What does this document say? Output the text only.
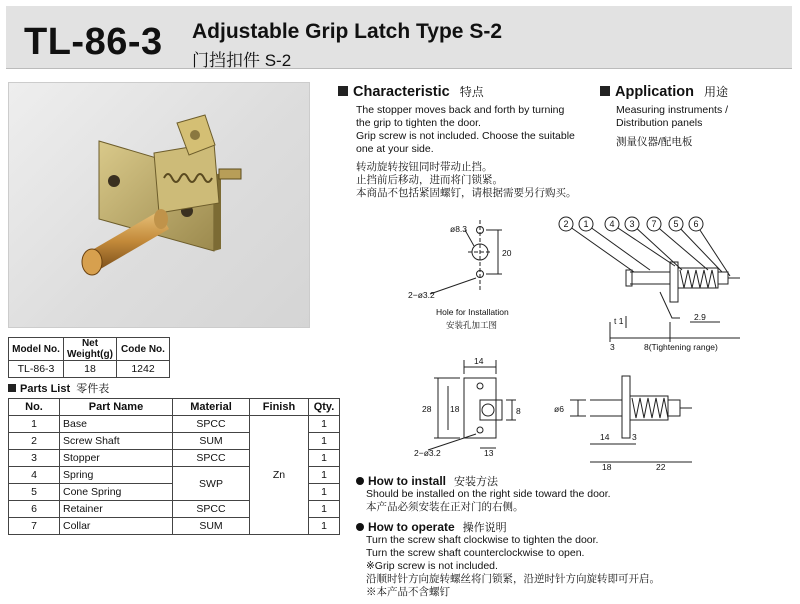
TL-86-3 Adjustable Grip Latch Type S-2
门挡扣件 S-2
Model No.	Net Weight(g)	Code No.
TL-86-3	18	1242
Parts List 零件表
No.	Part Name	Material	Finish	Qty.
1	Base	SPCC	Zn	1
2	Screw Shaft	SUM		1
3	Stopper	SPCC		1
4	Spring	SWP		1
5	Cone Spring			1
6	Retainer	SPCC		1
7	Collar	SUM		1
Characteristic 特点
The stopper moves back and forth by turning
the grip to tighten the door.
Grip screw is not included. Choose the suitable
one at your side.
转动旋转按钮同时带动止挡。
止挡前后移动，进而将门锁紧。
本商品不包括紧固螺钉，请根据需要另行购买。
Application 用途
Measuring instruments /
Distribution panels
测量仪器/配电板
2 1 4 3 7 5 6
ø8.3
20
2−ø3.2
Hole for Installation
安装孔加工图	t 1	2.9
3	8(Tightening range)
14
28 18	8
2−ø3.2	13
ø6
14	3
18	22
How to install 安装方法
Should be installed on the right side toward the door.
本产品必须安装在正对门的右侧。
How to operate 操作说明
Turn the screw shaft clockwise to tighten the door.
Turn the screw shaft counterclockwise to open.
※Grip screw is not included.
沿顺时针方向旋转螺丝将门锁紧，沿逆时针方向旋转即可开启。
※本产品不含螺钉
